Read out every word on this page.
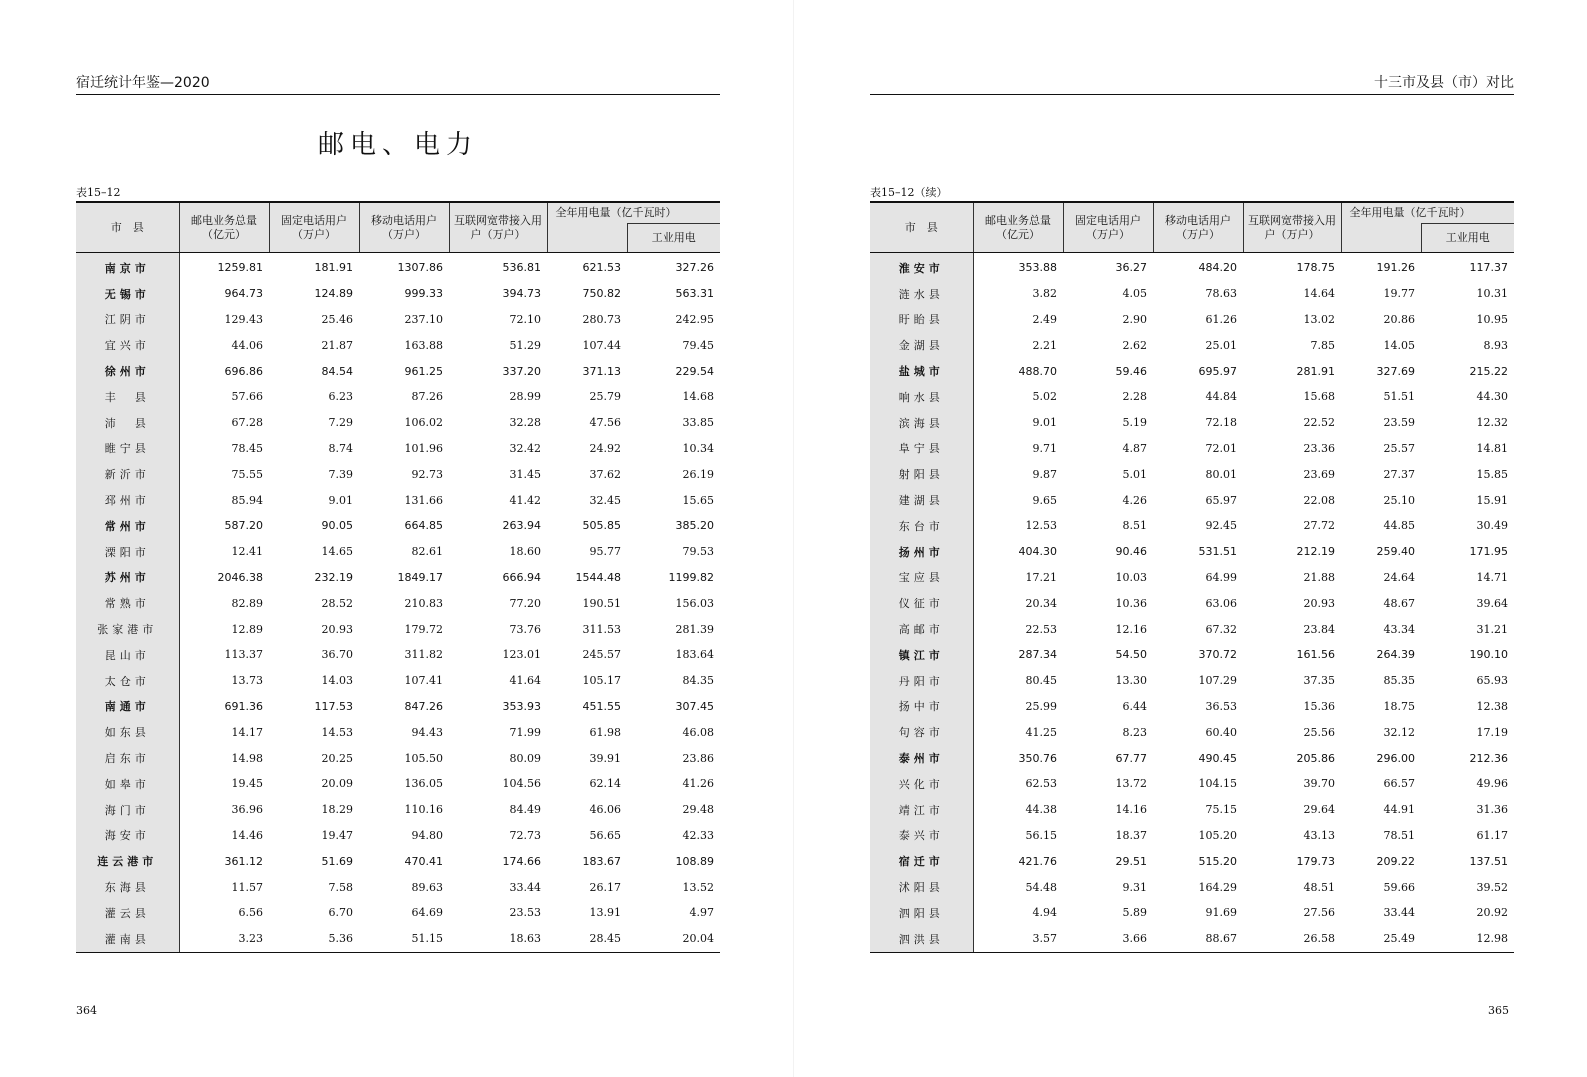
宿迁统计年鉴—2020
邮电、电力
表15–12
市　县	邮电业务总量（亿元）	固定电话用户（万户）	移动电话用户（万户）	互联网宽带接入用户（万户）	全年用电量（亿千瓦时）	
						工业用电
南京市	1259.81	181.91	1307.86	536.81	621.53	327.26
无锡市	964.73	124.89	999.33	394.73	750.82	563.31
江阴市	129.43	25.46	237.10	72.10	280.73	242.95
宜兴市	44.06	21.87	163.88	51.29	107.44	79.45
徐州市	696.86	84.54	961.25	337.20	371.13	229.54
丰　县	57.66	6.23	87.26	28.99	25.79	14.68
沛　县	67.28	7.29	106.02	32.28	47.56	33.85
睢宁县	78.45	8.74	101.96	32.42	24.92	10.34
新沂市	75.55	7.39	92.73	31.45	37.62	26.19
邳州市	85.94	9.01	131.66	41.42	32.45	15.65
常州市	587.20	90.05	664.85	263.94	505.85	385.20
溧阳市	12.41	14.65	82.61	18.60	95.77	79.53
苏州市	2046.38	232.19	1849.17	666.94	1544.48	1199.82
常熟市	82.89	28.52	210.83	77.20	190.51	156.03
张家港市	12.89	20.93	179.72	73.76	311.53	281.39
昆山市	113.37	36.70	311.82	123.01	245.57	183.64
太仓市	13.73	14.03	107.41	41.64	105.17	84.35
南通市	691.36	117.53	847.26	353.93	451.55	307.45
如东县	14.17	14.53	94.43	71.99	61.98	46.08
启东市	14.98	20.25	105.50	80.09	39.91	23.86
如皋市	19.45	20.09	136.05	104.56	62.14	41.26
海门市	36.96	18.29	110.16	84.49	46.06	29.48
海安市	14.46	19.47	94.80	72.73	56.65	42.33
连云港市	361.12	51.69	470.41	174.66	183.67	108.89
东海县	11.57	7.58	89.63	33.44	26.17	13.52
灌云县	6.56	6.70	64.69	23.53	13.91	4.97
灌南县	3.23	5.36	51.15	18.63	28.45	20.04
364
十三市及县（市）对比
表15–12（续）
市　县	邮电业务总量（亿元）	固定电话用户（万户）	移动电话用户（万户）	互联网宽带接入用户（万户）	全年用电量（亿千瓦时）	
						工业用电
淮安市	353.88	36.27	484.20	178.75	191.26	117.37
涟水县	3.82	4.05	78.63	14.64	19.77	10.31
盱眙县	2.49	2.90	61.26	13.02	20.86	10.95
金湖县	2.21	2.62	25.01	7.85	14.05	8.93
盐城市	488.70	59.46	695.97	281.91	327.69	215.22
响水县	5.02	2.28	44.84	15.68	51.51	44.30
滨海县	9.01	5.19	72.18	22.52	23.59	12.32
阜宁县	9.71	4.87	72.01	23.36	25.57	14.81
射阳县	9.87	5.01	80.01	23.69	27.37	15.85
建湖县	9.65	4.26	65.97	22.08	25.10	15.91
东台市	12.53	8.51	92.45	27.72	44.85	30.49
扬州市	404.30	90.46	531.51	212.19	259.40	171.95
宝应县	17.21	10.03	64.99	21.88	24.64	14.71
仪征市	20.34	10.36	63.06	20.93	48.67	39.64
高邮市	22.53	12.16	67.32	23.84	43.34	31.21
镇江市	287.34	54.50	370.72	161.56	264.39	190.10
丹阳市	80.45	13.30	107.29	37.35	85.35	65.93
扬中市	25.99	6.44	36.53	15.36	18.75	12.38
句容市	41.25	8.23	60.40	25.56	32.12	17.19
泰州市	350.76	67.77	490.45	205.86	296.00	212.36
兴化市	62.53	13.72	104.15	39.70	66.57	49.96
靖江市	44.38	14.16	75.15	29.64	44.91	31.36
泰兴市	56.15	18.37	105.20	43.13	78.51	61.17
宿迁市	421.76	29.51	515.20	179.73	209.22	137.51
沭阳县	54.48	9.31	164.29	48.51	59.66	39.52
泗阳县	4.94	5.89	91.69	27.56	33.44	20.92
泗洪县	3.57	3.66	88.67	26.58	25.49	12.98
365
